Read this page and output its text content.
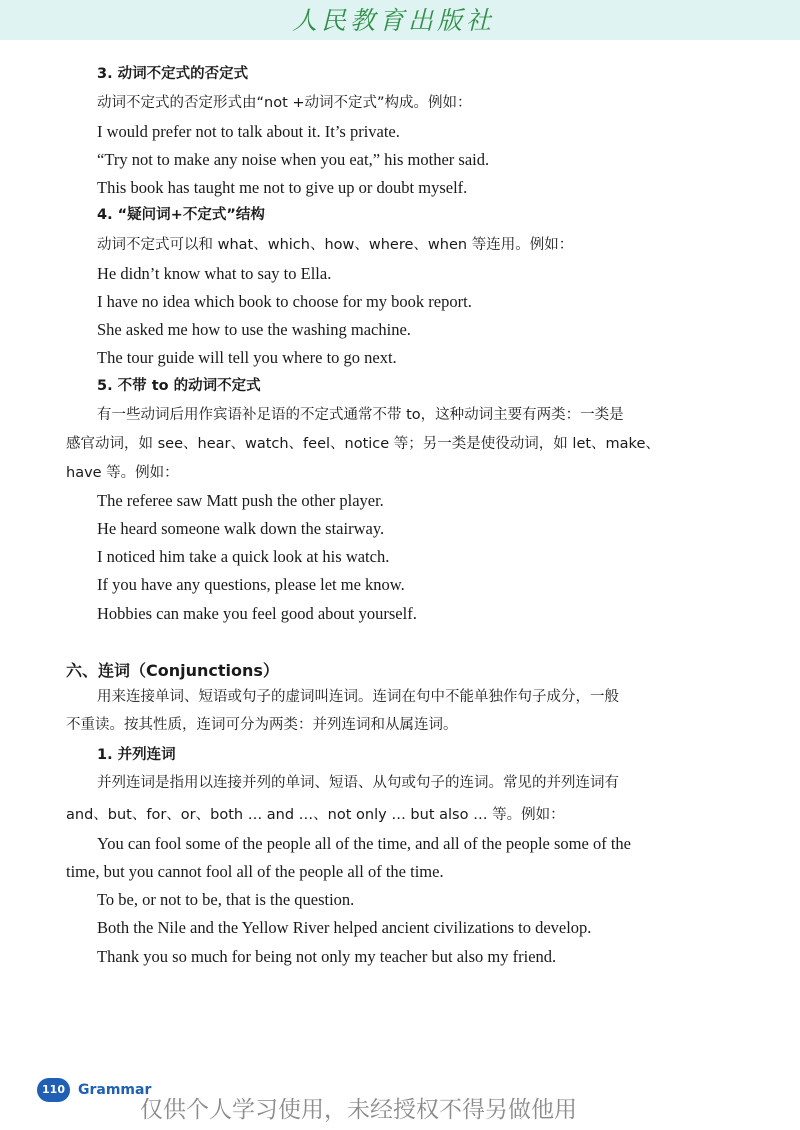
人民教育出版社
3. 动词不定式的否定式
动词不定式的否定形式由“not +动词不定式”构成。例如：
I would prefer not to talk about it. It’s private.
“Try not to make any noise when you eat,” his mother said.
This book has taught me not to give up or doubt myself.
4. “疑问词+不定式”结构
动词不定式可以和 what、which、how、where、when 等连用。例如：
He didn’t know what to say to Ella.
I have no idea which book to choose for my book report.
She asked me how to use the washing machine.
The tour guide will tell you where to go next.
5. 不带 to 的动词不定式
有一些动词后用作宾语补足语的不定式通常不带 to，这种动词主要有两类：一类是
感官动词，如 see、hear、watch、feel、notice 等；另一类是使役动词，如 let、make、
have 等。例如：
The referee saw Matt push the other player.
He heard someone walk down the stairway.
I noticed him take a quick look at his watch.
If you have any questions, please let me know.
Hobbies can make you feel good about yourself.
六、连词（Conjunctions）
用来连接单词、短语或句子的虚词叫连词。连词在句中不能单独作句子成分，一般
不重读。按其性质，连词可分为两类：并列连词和从属连词。
1. 并列连词
并列连词是指用以连接并列的单词、短语、从句或句子的连词。常见的并列连词有
and、but、for、or、both … and …、not only … but also … 等。例如：
You can fool some of the people all of the time, and all of the people some of the
time, but you cannot fool all of the people all of the time.
To be, or not to be, that is the question.
Both the Nile and the Yellow River helped ancient civilizations to develop.
Thank you so much for being not only my teacher but also my friend.
110 Grammar
仅供个人学习使用，未经授权不得另做他用
